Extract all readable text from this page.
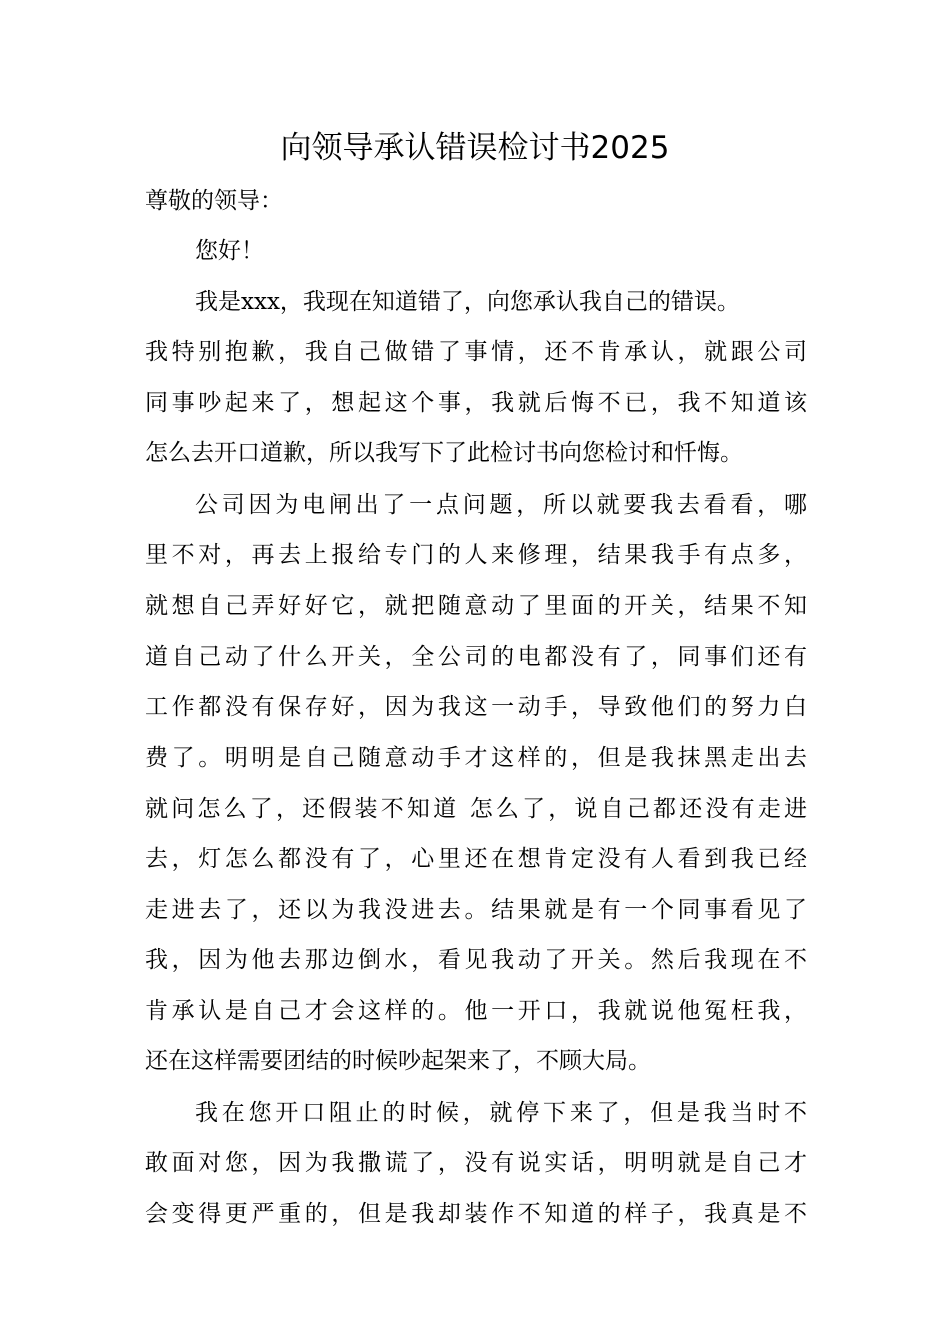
向领导承认错误检讨书2025
尊敬的领导：
您好！
我是xxx，我现在知道错了，向您承认我自己的错误。
我特别抱歉，我自己做错了事情，还不肯承认，就跟公司
同事吵起来了，想起这个事，我就后悔不已，我不知道该
怎么去开口道歉，所以我写下了此检讨书向您检讨和忏悔。
公司因为电闸出了一点问题，所以就要我去看看，哪
里不对，再去上报给专门的人来修理，结果我手有点多，
就想自己弄好好它，就把随意动了里面的开关，结果不知
道自己动了什么开关，全公司的电都没有了，同事们还有
工作都没有保存好，因为我这一动手，导致他们的努力白
费了。明明是自己随意动手才这样的，但是我抹黑走出去
就问怎么了，还假装不知道 怎么了，说自己都还没有走进
去，灯怎么都没有了，心里还在想肯定没有人看到我已经
走进去了，还以为我没进去。结果就是有一个同事看见了
我，因为他去那边倒水，看见我动了开关。然后我现在不
肯承认是自己才会这样的。他一开口，我就说他冤枉我，
还在这样需要团结的时候吵起架来了，不顾大局。
我在您开口阻止的时候，就停下来了，但是我当时不
敢面对您，因为我撒谎了，没有说实话，明明就是自己才
会变得更严重的，但是我却装作不知道的样子，我真是不
